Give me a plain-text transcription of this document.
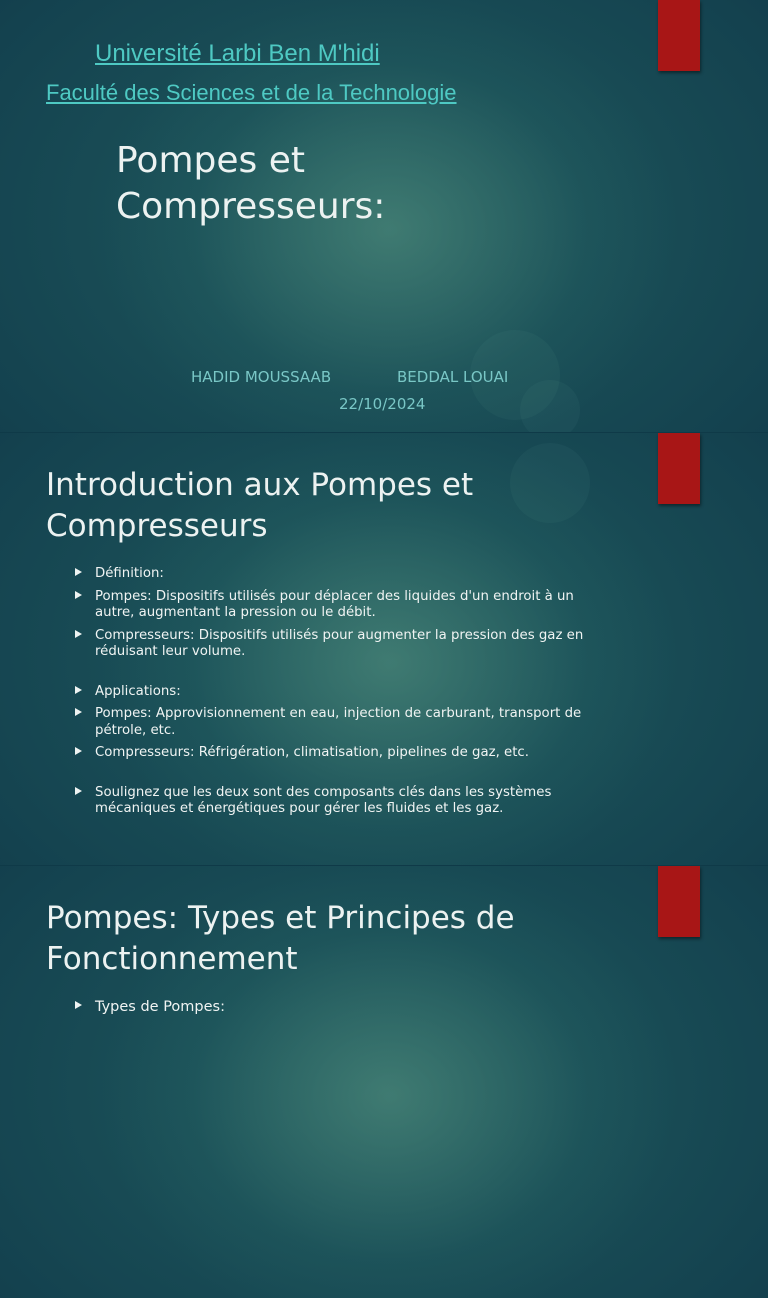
Université Larbi Ben M'hidi
Faculté des Sciences et de la Technologie
Pompes et Compresseurs:
HADID MOUSSAAB	BEDDAL LOUAI
22/10/2024
Introduction aux Pompes et Compresseurs
Définition:
Pompes: Dispositifs utilisés pour déplacer des liquides d'un endroit à un autre, augmentant la pression ou le débit.
Compresseurs: Dispositifs utilisés pour augmenter la pression des gaz en réduisant leur volume.
Applications:
Pompes: Approvisionnement en eau, injection de carburant, transport de pétrole, etc.
Compresseurs: Réfrigération, climatisation, pipelines de gaz, etc.
Soulignez que les deux sont des composants clés dans les systèmes mécaniques et énergétiques pour gérer les fluides et les gaz.
Pompes: Types et Principes de Fonctionnement
Types de Pompes:
